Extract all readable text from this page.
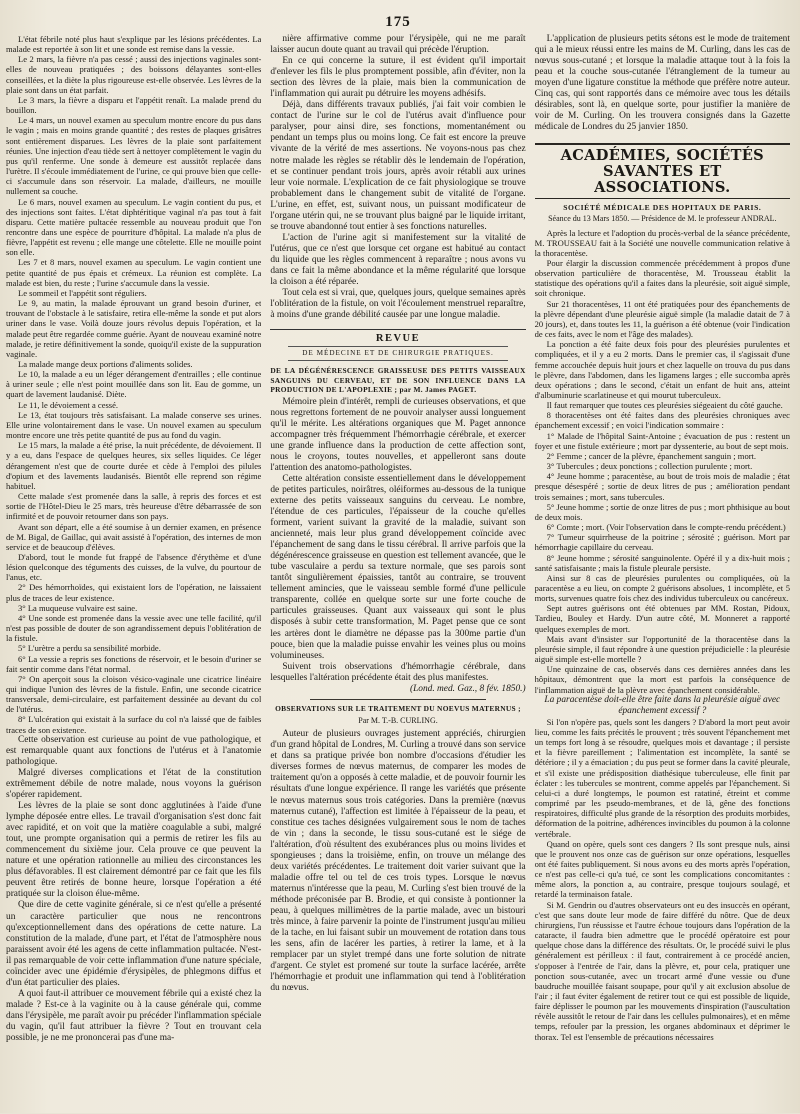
175

L'état fébrile noté plus haut s'explique par les lésions précédentes. La malade est reportée à son lit et une sonde est remise dans la vessie.

Le 2 mars, la fièvre n'a pas cessé ; aussi des injections vaginales sont-elles de nouveau pratiquées ; des boissons délayantes sont-elles conseillées, et la diète la plus rigoureuse est-elle observée. Les lèvres de la plaie sont dans un état parfait.

Le 3 mars, la fièvre a disparu et l'appétit renaît. La malade prend du bouillon.

Le 4 mars, un nouvel examen au speculum montre encore du pus dans le vagin ; mais en moins grande quantité ; des restes de plaques grisâtres sont entièrement disparues. Les lèvres de la plaie sont parfaitement réunies. Une injection d'eau tiède sert à nettoyer complètement le vagin du pus qu'il renferme. Une sonde à demeure est aussitôt replacée dans l'urètre. Il s'écoule immédiatement de l'urine, ce qui prouve bien que celle-ci s'accumule dans son réservoir. La malade, d'ailleurs, ne mouille nullement sa couche.

Le 6 mars, nouvel examen au speculum. Le vagin contient du pus, et des injections sont faites. L'état diphtéritique vaginal n'a pas tout à fait disparu. Cette matière pultacée ressemble au nouveau produit que l'on rencontre dans une espèce de pourriture d'hôpital. La malade n'a plus de fièvre, l'appétit est revenu ; elle mange une côtelette. Elle ne mouille point son elle.

Les 7 et 8 mars, nouvel examen au speculum. Le vagin contient une petite quantité de pus épais et crémeux. La réunion est complète. La malade est bien, du reste ; l'urine s'accumule dans la vessie.

Le sommeil et l'appétit sont réguliers.

Le 9, au matin, la malade éprouvant un grand besoin d'uriner, et trouvant de l'obstacle à le satisfaire, retira elle-même la sonde et put alors uriner dans le vase. Voilà douze jours révolus depuis l'opération, et la malade peut être regardée comme guérie. Ayant de nouveau examiné notre malade, je retire définitivement la sonde, quoiqu'il existe de la suppuration vaginale.

La malade mange deux portions d'aliments solides.

Le 10, la malade a eu un léger dérangement d'entrailles ; elle continue à uriner seule ; elle n'est point mouillée dans son lit. Eau de gomme, un quart de lavement laudanisé. Diète.

Le 11, le dévoiement a cessé.

Le 13, état toujours très satisfaisant. La malade conserve ses urines. Elle urine volontairement dans le vase. Un nouvel examen au speculum montre encore une très petite quantité de pus au fond du vagin.

Le 15 mars, la malade a été prise, la nuit précédente, de dévoiement. Il y a eu, dans l'espace de quelques heures, six selles liquides. Ce léger dérangement n'est que de courte durée et cède à l'emploi des pilules d'opium et des lavements laudanisés. Bientôt elle reprend son régime habituel.

Cette malade s'est promenée dans la salle, à repris des forces et est sortie de l'Hôtel-Dieu le 25 mars, très heureuse d'être débarrassée de son infirmité et de pouvoir retourner dans son pays.

Avant son départ, elle a été soumise à un dernier examen, en présence de M. Bigal, de Gaillac, qui avait assisté à l'opération, des internes de mon service et de beaucoup d'élèves.

D'abord, tout le monde fut frappé de l'absence d'érythème et d'une lésion quelconque des téguments des cuisses, de la vulve, du pourtour de l'anus, etc.

2° Des hémorrhoïdes, qui existaient lors de l'opération, ne laissaient plus de traces de leur existence.

3° La muqueuse vulvaire est saine.

4° Une sonde est promenée dans la vessie avec une telle facilité, qu'il n'est pas possible de douter de son agrandissement depuis l'oblitération de la fistule.

5° L'urètre a perdu sa sensibilité morbide.

6° La vessie a repris ses fonctions de réservoir, et le besoin d'uriner se fait sentir comme dans l'état normal.

7° On aperçoit sous la cloison vésico-vaginale une cicatrice linéaire qui indique l'union des lèvres de la fistule. Enfin, une seconde cicatrice transversale, demi-circulaire, est parfaitement dessinée au devant du col de l'utérus.

8° L'ulcération qui existait à la surface du col n'a laissé que de faibles traces de son existence.

Cette observation est curieuse au point de vue pathologique, et est remarquable quant aux fonctions de l'utérus et à l'anatomie pathologique.

Malgré diverses complications et l'état de la constitution extrêmement débile de notre malade, nous voyons la guérison s'opérer rapidement.

Les lèvres de la plaie se sont donc agglutinées à l'aide d'une lymphe déposée entre elles. Le travail d'organisation s'est donc fait avec rapidité, et on voit que la matière coagulable a subi, malgré tout, une prompte organisation qui a permis de retirer les fils au commencement du sixième jour. Cela prouve ce que peuvent la nature et une opération rationnelle au milieu des circonstances les plus défavorables. Il est clairement démontré par ce fait que les fils peuvent être retirés de bonne heure, lorsque l'opération a été pratiquée sur la cloison élue-même.

Que dire de cette vaginite générale, si ce n'est qu'elle a présenté un caractère particulier que nous ne rencontrons qu'exceptionnellement dans des opérations de cette nature. La constitution de la malade, d'une part, et l'état de l'atmosphère nous paraissent avoir été les agens de cette inflammation pultacée. N'est-il pas remarquable de voir cette inflammation d'une nature spéciale, coïncider avec une épidémie d'érysipèles, de phlegmons diffus et d'un état particulier des plaies.

A quoi faut-il attribuer ce mouvement fébrile qui a existé chez la malade ? Est-ce à la vaginite ou à la cause générale qui, comme dans l'érysipèle, me paraît avoir pu précéder l'inflammation spéciale du vagin, qu'il faut attribuer la fièvre ? Tout en trouvant cela possible, je ne me prononcerai pas d'une ma-

nière affirmative comme pour l'érysipèle, qui ne me paraît laisser aucun doute quant au travail qui précède l'éruption.

En ce qui concerne la suture, il est évident qu'il importait d'enlever les fils le plus promptement possible, afin d'éviter, non la section des lèvres de la plaie, mais bien la communication de l'inflammation qui aurait pu détruire les moyens adhésifs.

Déjà, dans différents travaux publiés, j'ai fait voir combien le contact de l'urine sur le col de l'utérus avait d'influence pour paralyser, pour ainsi dire, ses fonctions, momentanément ou pendant un temps plus ou moins long. Ce fait est encore la preuve vivante de la vérité de mes assertions. Ne voyons-nous pas chez notre malade les règles se rétablir dès le lendemain de l'opération, et se continuer pendant trois jours, après avoir rétabli aux urines leur voie normale. L'explication de ce fait physiologique se trouve probablement dans le changement subit de vitalité de l'organe. L'urine, en effet, est, suivant nous, un puissant modificateur de l'organe utérin qui, ne se trouvant plus baigné par le liquide irritant, se trouve abandonné tout entier à ses fonctions naturelles.

L'action de l'urine agit si manifestement sur la vitalité de l'utérus, que ce n'est que lorsque cet organe est habitué au contact du liquide que les règles commencent à reparaître ; nous avons vu dans ce fait la même abondance et la même régularité que lorsque la cloison a été réparée.

Tout cela est si vrai, que, quelques jours, quelque semaines après l'oblitération de la fistule, on voit l'écoulement menstruel reparaître, à moins d'une grande débilité causée par une longue maladie.

REVUE
DE MÉDECINE ET DE CHIRURGIE PRATIQUES.
DE LA DÉGÉNÉRESCENCE GRAISSEUSE DES PETITS VAISSEAUX SANGUINS DU CERVEAU, ET DE SON INFLUENCE DANS LA PRODUCTION DE L'APOPLEXIE ; par M. James PAGET.

Mémoire plein d'intérêt, rempli de curieuses observations, et que nous regrettons fortement de ne pouvoir analyser aussi longuement qu'il le mérite. Les altérations organiques que M. Paget annonce accompagner très fréquemment l'hémorrhagie cérébrale, et exercer une grande influence dans la production de cette affection sont, nous le croyons, toutes nouvelles, et appelleront sans doute l'attention des anatomo-pathologistes.

Cette altération consiste essentiellement dans le développement de petites particules, noirâtres, oléiformes au-dessous de la tunique externe des petits vaisseaux sanguins du cerveau. Le nombre, l'étendue de ces particules, l'épaisseur de la couche qu'elles forment, varient suivant la gravité de la maladie, suivant son ancienneté, mais leur plus grand développement coïncide avec l'épanchement de sang dans le tissu cérébral. Il arrive parfois que la dégénérescence graisseuse en question est tellement avancée, que le tube vasculaire a perdu sa texture normale, que ses parois sont tantôt singulièrement épaissies, tantôt au contraire, se trouvent tellement amincies, que le vaisseau semble formé d'une pellicule transparente, collée en quelque sorte sur une forte couche de particules graisseuses. Quant aux vaisseaux qui sont le plus disposés à subir cette transformation, M. Paget pense que ce sont les artères dont le diamètre ne dépasse pas la 300me partie d'un pouce, bien que la maladie puisse envahir les veines plus ou moins volumineuses.

Suivent trois observations d'hémorrhagie cérébrale, dans lesquelles l'altération précédente était des plus manifestes.

(Lond. med. Gaz., 8 fév. 1850.)
OBSERVATIONS SUR LE TRAITEMENT DU NOEVUS MATERNUS ;
Par M. T.-B. CURLING.

Auteur de plusieurs ouvrages justement appréciés, chirurgien d'un grand hôpital de Londres, M. Curling a trouvé dans son service et dans sa pratique privée bon nombre d'occasions d'étudier les diverses formes de nœvus maternus, de comparer les modes de traitement qu'on a opposés à cette maladie, et de pouvoir fournir les résultats d'une longue expérience. Il range les variétés que présente le nœvus maternus sous trois catégories. Dans la première (nœvus maternus cutané), l'affection est limitée à l'épaisseur de la peau, et constitue ces taches désignées vulgairement sous le nom de taches de vin ; dans la seconde, le tissu sous-cutané est le siége de l'altération, d'où résultent des exubérances plus ou moins livides et spongieuses ; dans la troisième, enfin, on trouve un mélange des deux variétés précédentes. Le traitement doit varier suivant que la maladie offre tel ou tel de ces trois types. Lorsque le nœvus maternus n'intéresse que la peau, M. Curling s'est bien trouvé de la méthode préconisée par B. Brodie, et qui consiste à pontionner la peau, à quelques millimètres de la partie malade, avec un bistouri très mince, à faire parvenir la pointe de l'instrument jusqu'au milieu de la tache, en lui faisant subir un mouvement de rotation dans tous les sens, afin de lacérer les parties, à retirer la lame, et à la remplacer par un stylet trempé dans une forte solution de nitrate d'argent. Ce stylet est promené sur toute la surface lacérée, arrête l'hémorrhagie et produit une inflammation qui tend à l'oblitération du nœvus.

L'application de plusieurs petits sétons est le mode de traitement qui a le mieux réussi entre les mains de M. Curling, dans les cas de nœvus sous-cutané ; et lorsque la maladie attaque tout à la fois la peau et la couche sous-cutanée l'étranglement de la tumeur au moyen d'une ligature constitue la méthode que préfère notre auteur. Cinq cas, qui sont rapportés dans ce mémoire avec tous les détails désirables, sont là, en quelque sorte, pour justifier la manière de voir de M. Curling. On les trouvera consignés dans la Gazette médicale de Londres du 25 janvier 1850.

ACADÉMIES, SOCIÉTÉS SAVANTES ET ASSOCIATIONS.
SOCIÉTÉ MÉDICALE DES HOPITAUX DE PARIS.
Séance du 13 Mars 1850. — Présidence de M. le professeur ANDRAL.

Après la lecture et l'adoption du procès-verbal de la séance précédente, M. TROUSSEAU fait à la Société une nouvelle communication relative à la thoracentèse.

Pour élargir la discussion commencée précédemment à propos d'une observation particulière de thoracentèse, M. Trousseau établit la statistique des opérations qu'il a faites dans la pleurésie, soit aiguë simple, soit chronique.

Sur 21 thoracentèses, 11 ont été pratiquées pour des épanchements de la plèvre dépendant d'une pleurésie aiguë simple (la maladie datait de 7 à 20 jours), et, dans toutes les 11, la guérison a été obtenue (voir l'indication de ces faits, avec le nom et l'âge des malades).

La ponction a été faite deux fois pour des pleurésies purulentes et compliquées, et il y a eu 2 morts. Dans le premier cas, il s'agissait d'une femme accouchée depuis huit jours et chez laquelle on trouva du pus dans le plèvre, dans l'abdomen, dans les ligamens larges ; elle succomba après deux opérations ; dans le second, c'était un enfant de huit ans, atteint d'albuminurie scarlatineuse et qui mourut tuberculeux.

Il faut remarquer que toutes ces pleurésies siégeaient du côté gauche.

8 thoracentèses ont été faites dans des pleurésies chroniques avec épanchement excessif ; en voici l'indication sommaire :

1° Malade de l'hôpital Saint-Antoine ; évacuation de pus : restent un foyer et une fistule extérieure ; mort par dyssenterie, au bout de sept mois.

2° Femme ; cancer de la plèvre, épanchement sanguin ; mort.

3° Tubercules ; deux ponctions ; collection purulente ; mort.

4° Jeune homme ; paracentèse, au bout de trois mois de maladie ; état presque désespéré ; sortie de deux litres de pus ; amélioration pendant trois semaines ; mort, sans tubercules.

5° Jeune homme ; sortie de onze litres de pus ; mort phthisique au bout de deux mois.

6° Comte ; mort. (Voir l'observation dans le compte-rendu précédent.)

7° Tumeur squirrheuse de la poitrine ; sérosité ; guérison. Mort par hémorrhagie capillaire du cerveau.

8° Jeune homme ; sérosité sanguinolente. Opéré il y a dix-huit mois ; santé satisfaisante ; mais la fistule pleurale persiste.

Ainsi sur 8 cas de pleurésies purulentes ou compliquées, où la paracentèse a eu lieu, on compte 2 guérisons absolues, 1 incomplète, et 5 morts, survenues quatre fois chez des individus tuberculeux ou cancéreux.

Sept autres guérisons ont été obtenues par MM. Rostan, Pidoux, Tardieu, Bouley et Hardy. D'un autre côté, M. Monneret a rapporté quelques exemples de mort.

Mais avant d'insister sur l'opportunité de la thoracentèse dans la pleurésie simple, il faut répondre à une question préjudicielle : la pleurésie aiguë simple est-elle mortelle ?

Une quinzaine de cas, observés dans ces dernières années dans les hôpitaux, démontrent que la mort est parfois la conséquence de l'inflammation aiguë de la plèvre avec épanchement considérable.

La paracentèse doit-elle être faite dans la pleurésie aiguë avec épanchement excessif ?

Si l'on n'opère pas, quels sont les dangers ? D'abord la mort peut avoir lieu, comme les faits précités le prouvent ; très souvent l'épanchement met un temps fort long à se résoudre, quelques mois et davantage ; il persiste et la fièvre pareillement ; l'alimentation est incomplète, la santé se détériore ; il y a émaciation ; du pus peut se former dans la cavité pleurale, et s'il existe une prédisposition diathésique tuberculeuse, elle finit par éclater : les tubercules se montrent, comme appelés par l'épanchement. Si celui-ci a duré longtemps, le poumon est ratatiné, étreint et comme comprimé par les pseudo-membranes, et de là, gêne des fonctions respiratoires, difficulté plus grande de la résorption des produits morbides, déformation de la poitrine, adhérences invincibles du poumon à la colonne vertébrale.

Quand on opère, quels sont ces dangers ? Ils sont presque nuls, ainsi que le prouvent nos onze cas de guérison sur onze opérations, lesquelles ont été faites publiquement. Si nous avons eu des morts après l'opération, ce n'est pas celle-ci qu'a tué, ce sont les complications concomitantes : même alors, la ponction a, au contraire, presque toujours soulagé, et retardé la terminaison fatale.

Si M. Gendrin ou d'autres observateurs ont eu des insuccès en opérant, c'est que sans doute leur mode de faire différé du nôtre. Que de deux chirurgiens, l'un réussisse et l'autre échoue toujours dans l'opération de la cataracte, il faudra bien admettre que le procédé opératoire est pour quelque chose dans la différence des résultats. Or, le procédé suivi le plus généralement est périlleux : il faut, contrairement à ce procédé ancien, s'opposer à l'entrée de l'air, dans la plèvre, et, pour cela, pratiquer une ponction sous-cutanée, avec un trocart armé d'une vessie ou d'une baudruche mouillée faisant soupape, pour qu'il y ait exclusion absolue de l'air ; il faut éviter également de retirer tout ce qui est possible de liquide, faire déplisser le poumon par les mouvements d'inspiration (l'auscultation révèle aussitôt le retour de l'air dans les cellules pulmonaires), et en même temps, refouler par la pression, les organes abdominaux et déprimer le thorax. Tel est l'ensemble de précautions nécessaires
